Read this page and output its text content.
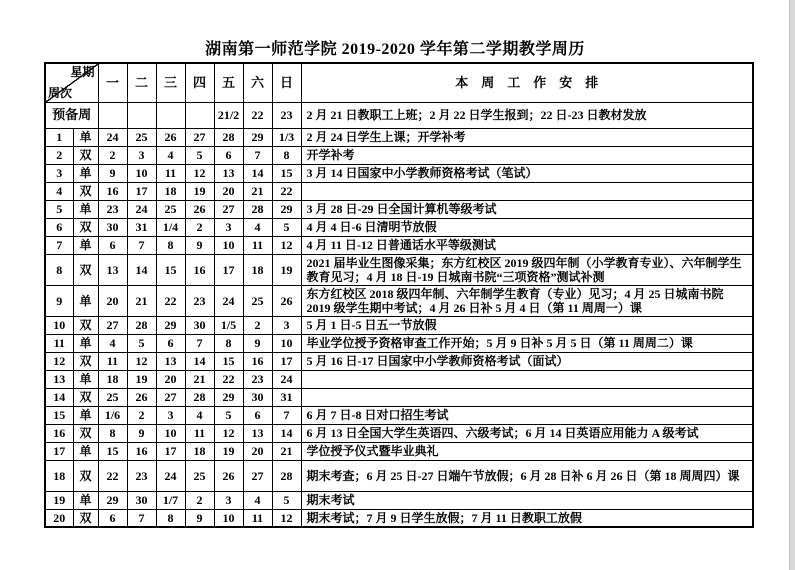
湖南第一师范学院 2019-2020 学年第二学期教学周历
星期
周次		一	二	三	四	五	六	日	本　周　工　作　安　排
预备周						21/2	22	23	2 月 21 日教职工上班；2 月 22 日学生报到；22 日-23 日教材发放
1	单	24	25	26	27	28	29	1/3	2 月 24 日学生上课；开学补考
2	双	2	3	4	5	6	7	8	开学补考
3	单	9	10	11	12	13	14	15	3 月 14 日国家中小学教师资格考试（笔试）
4	双	16	17	18	19	20	21	22	
5	单	23	24	25	26	27	28	29	3 月 28 日-29 日全国计算机等级考试
6	双	30	31	1/4	2	3	4	5	4 月 4 日-6 日清明节放假
7	单	6	7	8	9	10	11	12	4 月 11 日-12 日普通话水平等级测试
8	双	13	14	15	16	17	18	19	2021 届毕业生图像采集；东方红校区 2019 级四年制（小学教育专业）、六年制学生教育见习；4 月 18 日-19 日城南书院“三项资格”测试补测
9	单	20	21	22	23	24	25	26	东方红校区 2018 级四年制、六年制学生教育（专业）见习；4 月 25 日城南书院 2019 级学生期中考试；4 月 26 日补 5 月 4 日（第 11 周周一）课
10	双	27	28	29	30	1/5	2	3	5 月 1 日-5 日五一节放假
11	单	4	5	6	7	8	9	10	毕业学位授予资格审查工作开始；5 月 9 日补 5 月 5 日（第 11 周周二）课
12	双	11	12	13	14	15	16	17	5 月 16 日-17 日国家中小学教师资格考试（面试）
13	单	18	19	20	21	22	23	24	
14	双	25	26	27	28	29	30	31	
15	单	1/6	2	3	4	5	6	7	6 月 7 日-8 日对口招生考试
16	双	8	9	10	11	12	13	14	6 月 13 日全国大学生英语四、六级考试；6 月 14 日英语应用能力 A 级考试
17	单	15	16	17	18	19	20	21	学位授予仪式暨毕业典礼
18	双	22	23	24	25	26	27	28	期末考查；6 月 25 日-27 日端午节放假；6 月 28 日补 6 月 26 日（第 18 周周四）课
19	单	29	30	1/7	2	3	4	5	期末考试
20	双	6	7	8	9	10	11	12	期末考试；7 月 9 日学生放假；7 月 11 日教职工放假
